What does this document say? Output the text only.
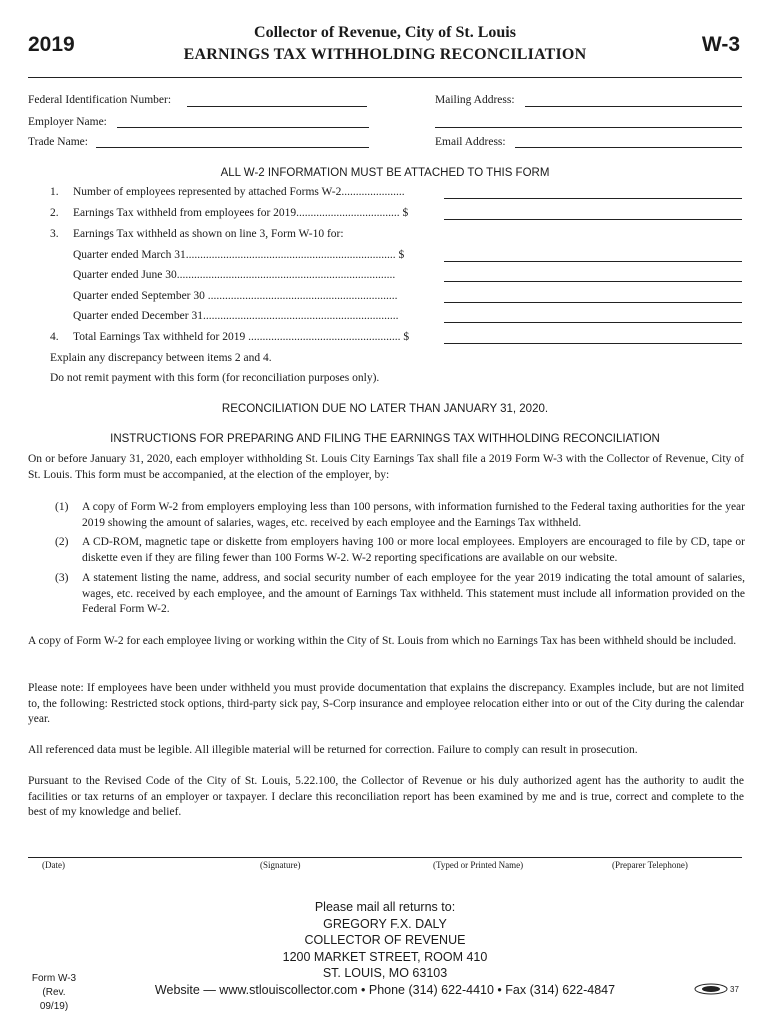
2019
Collector of Revenue, City of St. Louis
EARNINGS TAX WITHHOLDING RECONCILIATION	W-3
Federal Identification Number:
Employer Name:
Trade Name:
Mailing Address:
Email Address:
ALL W-2 INFORMATION MUST BE ATTACHED TO THIS FORM
1. Number of employees represented by attached Forms W-2......................
2. Earnings Tax withheld from employees for 2019.................................... $
3. Earnings Tax withheld as shown on line 3, Form W-10 for:
Quarter ended March 31......................................................................... $
Quarter ended June 30............................................................................
Quarter ended September 30 ..................................................................
Quarter ended December 31....................................................................
4. Total Earnings Tax withheld for 2019 ..................................................... $
Explain any discrepancy between items 2 and 4.
Do not remit payment with this form (for reconciliation purposes only).
RECONCILIATION DUE NO LATER THAN JANUARY 31, 2020.
INSTRUCTIONS FOR PREPARING AND FILING THE EARNINGS TAX WITHHOLDING RECONCILIATION

On or before January 31, 2020, each employer withholding St. Louis City Earnings Tax shall file a 2019 Form W-3 with the Collector of Revenue, City of St. Louis. This form must be accompanied, at the election of the employer, by:

(1) A copy of Form W-2 from employers employing less than 100 persons, with information furnished to the Federal taxing authorities for the year 2019 showing the amount of salaries, wages, etc. received by each employee and the Earnings Tax withheld.
(2) A CD-ROM, magnetic tape or diskette from employers having 100 or more local employees. Employers are encouraged to file by CD, tape or diskette even if they are filing fewer than 100 Forms W-2. W-2 reporting specifications are available on our website.
(3) A statement listing the name, address, and social security number of each employee for the year 2019 indicating the total amount of salaries, wages, etc. received by each employee, and the amount of Earnings Tax withheld. This statement must include all information provided on the Federal Form W-2.

A copy of Form W-2 for each employee living or working within the City of St. Louis from which no Earnings Tax has been withheld should be included.

Please note: If employees have been under withheld you must provide documentation that explains the discrepancy. Examples include, but are not limited to, the following: Restricted stock options, third-party sick pay, S-Corp insurance and employee relocation either into or out of the City during the calendar year.

All referenced data must be legible. All illegible material will be returned for correction. Failure to comply can result in prosecution.

Pursuant to the Revised Code of the City of St. Louis, 5.22.100, the Collector of Revenue or his duly authorized agent has the authority to audit the facilities or tax returns of an employer or taxpayer. I declare this reconciliation report has been examined by me and is true, correct and complete to the best of my knowledge and belief.

(Date)	(Signature)	(Typed or Printed Name)	(Preparer Telephone)
Please mail all returns to:
GREGORY F.X. DALY
COLLECTOR OF REVENUE
1200 MARKET STREET, ROOM 410
ST. LOUIS, MO 63103
Website — www.stlouiscollector.com • Phone (314) 622-4410 • Fax (314) 622-4847
Form W-3
(Rev. 09/19)
37
